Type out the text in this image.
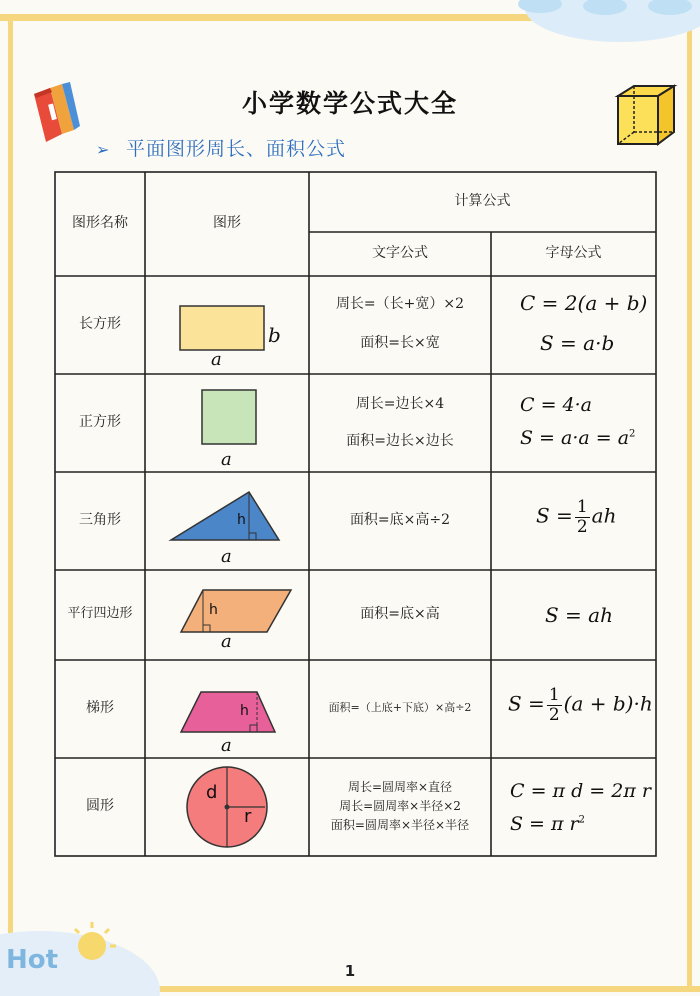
Hot
小学数学公式大全
➢ 平面图形周长、面积公式
图形名称	图形
计算公式
文字公式	字母公式
长方形
正方形
三角形
平行四边形
梯形
圆形
b
a
a
h
a
h
a
h
a
d
r
周长=（长+宽）×2
面积=长×宽
周长=边长×4
面积=边长×边长
面积=底×高÷2
面积=底×高
面积=（上底+下底）×高÷2
周长=圆周率×直径
周长=圆周率×半径×2
面积=圆周率×半径×半径
C = 2(a + b)
S = a·b
C = 4·a
$S = a\cdot a = a^2$
$S = \frac{1}{2}$ ah
S = ah
$S = \frac{1}{2} (a + b)\cdot h$
C = π d = 2π r
S = π $r^2$
1
